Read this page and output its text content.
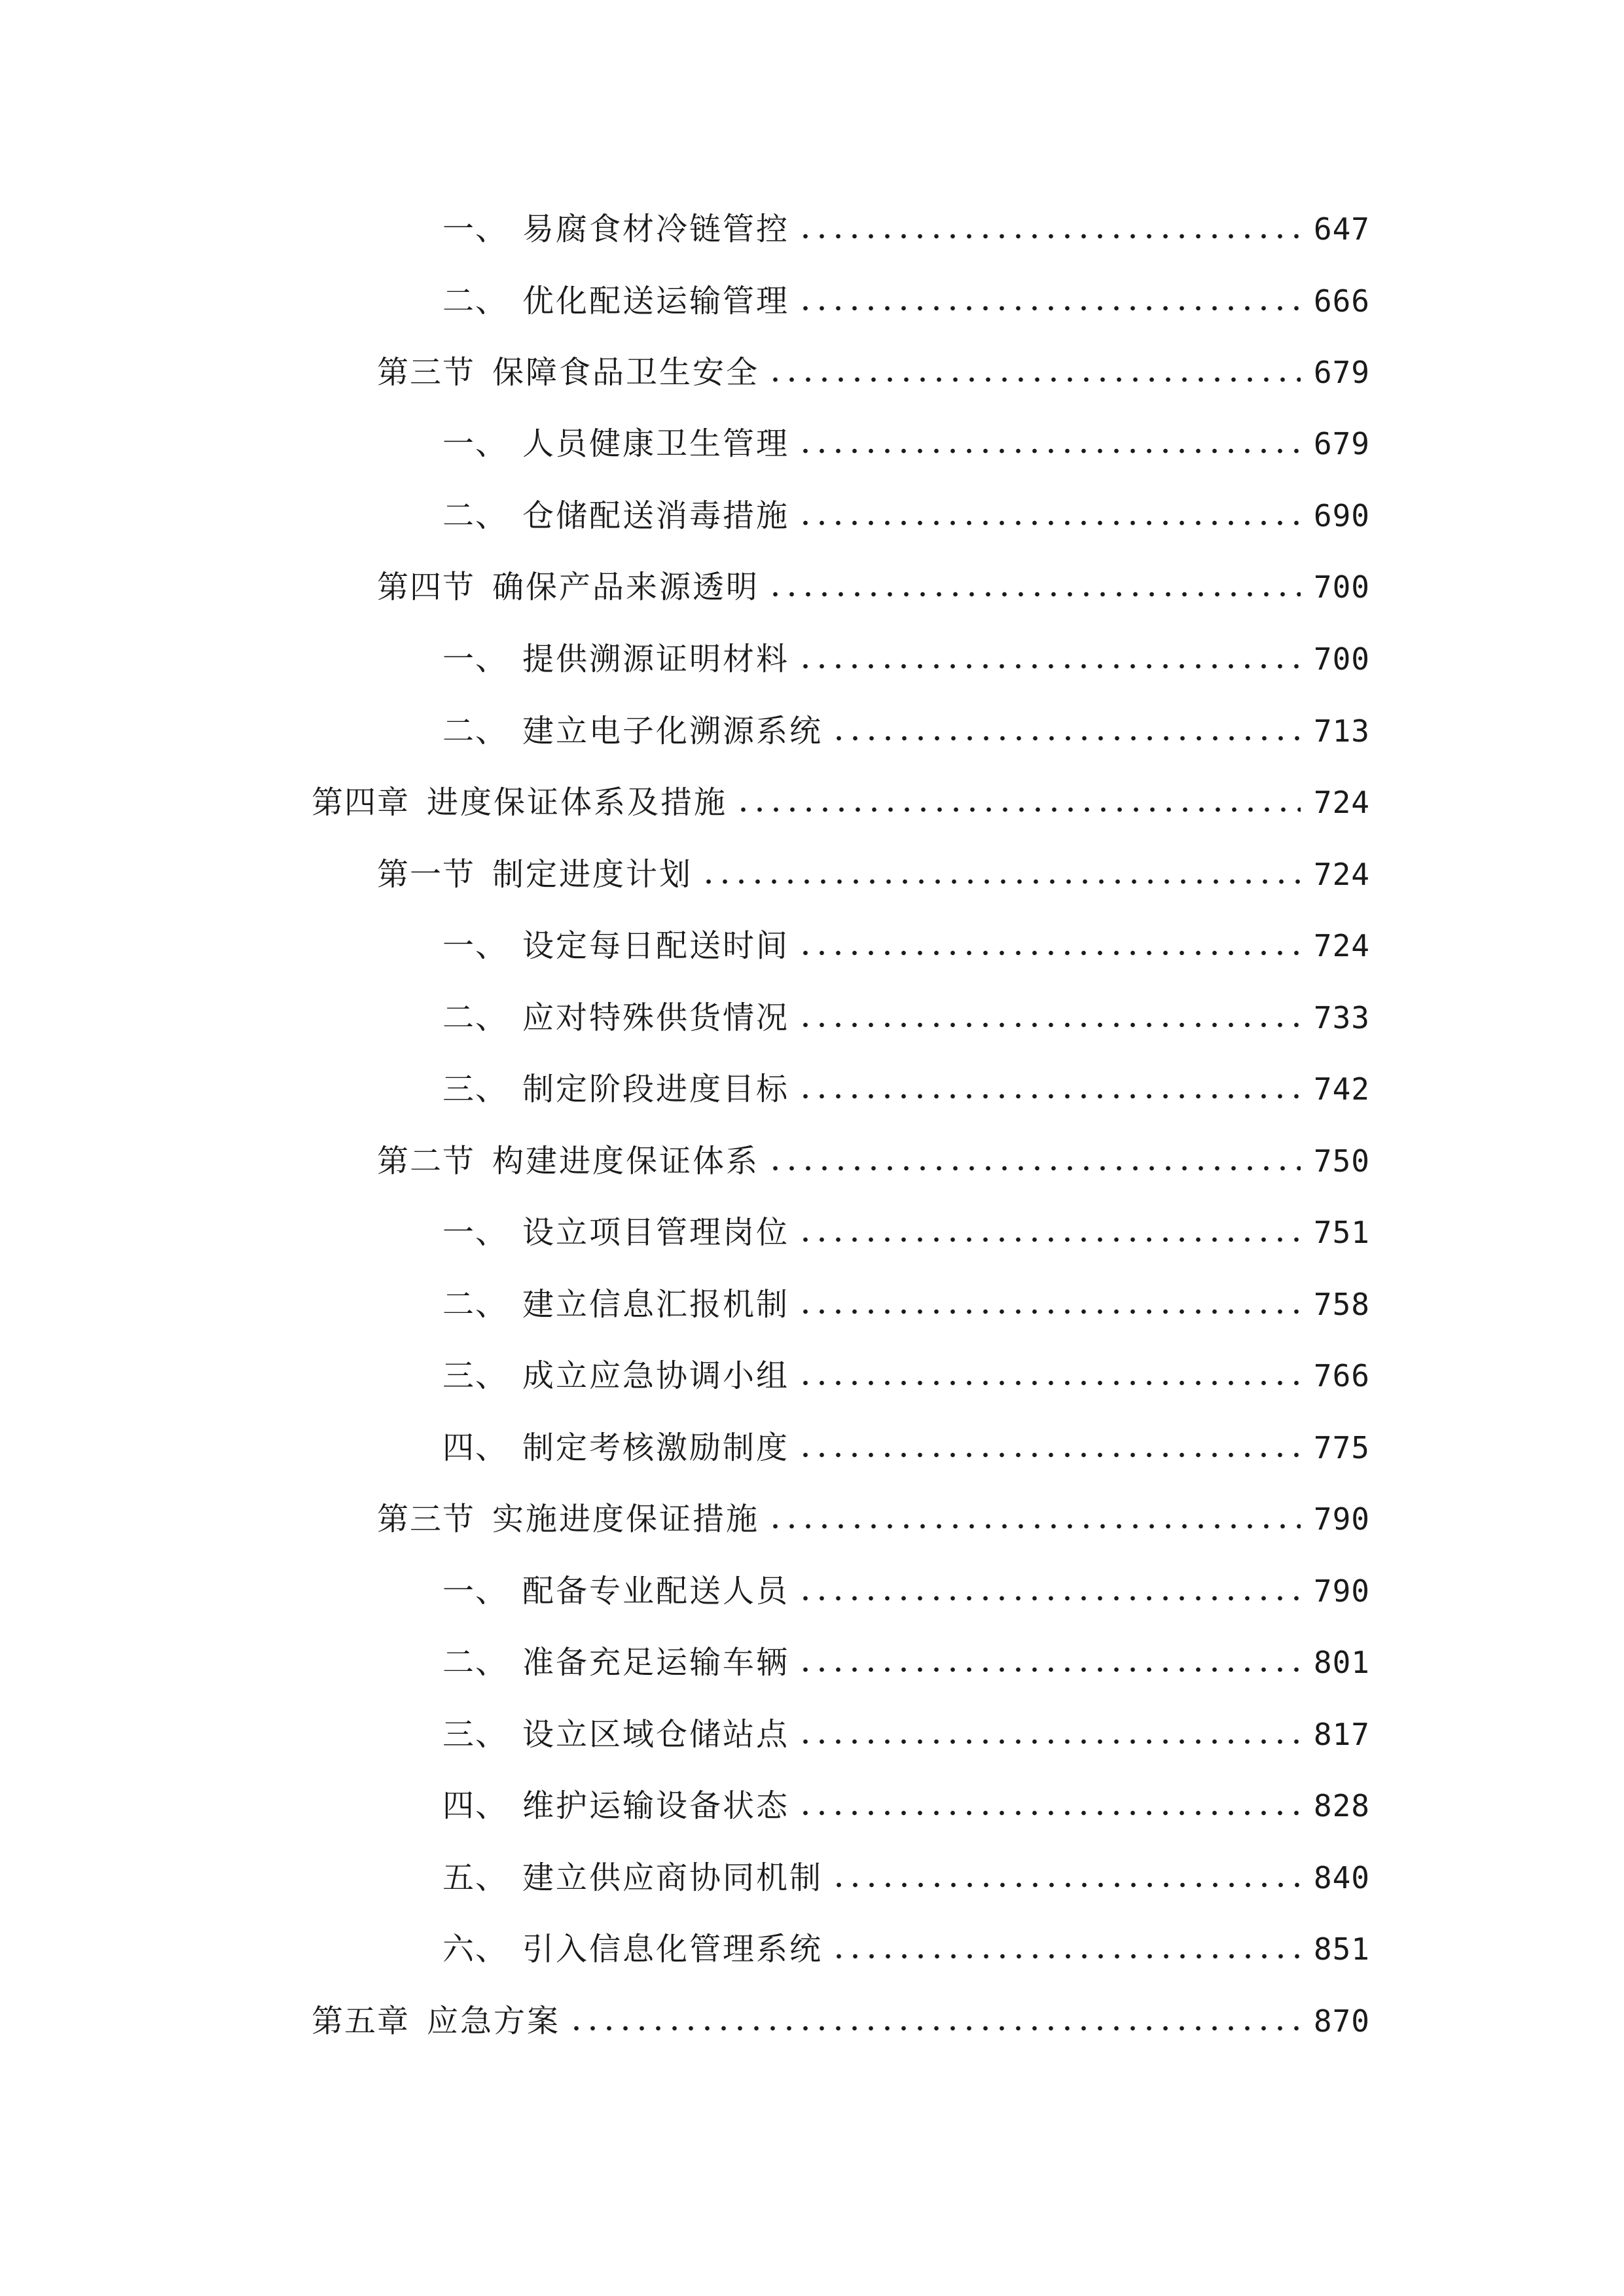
一、 易腐食材冷链管控	647
二、 优化配送运输管理	666
第三节 保障食品卫生安全	679
一、 人员健康卫生管理	679
二、 仓储配送消毒措施	690
第四节 确保产品来源透明	700
一、 提供溯源证明材料	700
二、 建立电子化溯源系统	713
第四章 进度保证体系及措施	724
第一节 制定进度计划	724
一、 设定每日配送时间	724
二、 应对特殊供货情况	733
三、 制定阶段进度目标	742
第二节 构建进度保证体系	750
一、 设立项目管理岗位	751
二、 建立信息汇报机制	758
三、 成立应急协调小组	766
四、 制定考核激励制度	775
第三节 实施进度保证措施	790
一、 配备专业配送人员	790
二、 准备充足运输车辆	801
三、 设立区域仓储站点	817
四、 维护运输设备状态	828
五、 建立供应商协同机制	840
六、 引入信息化管理系统	851
第五章 应急方案	870
